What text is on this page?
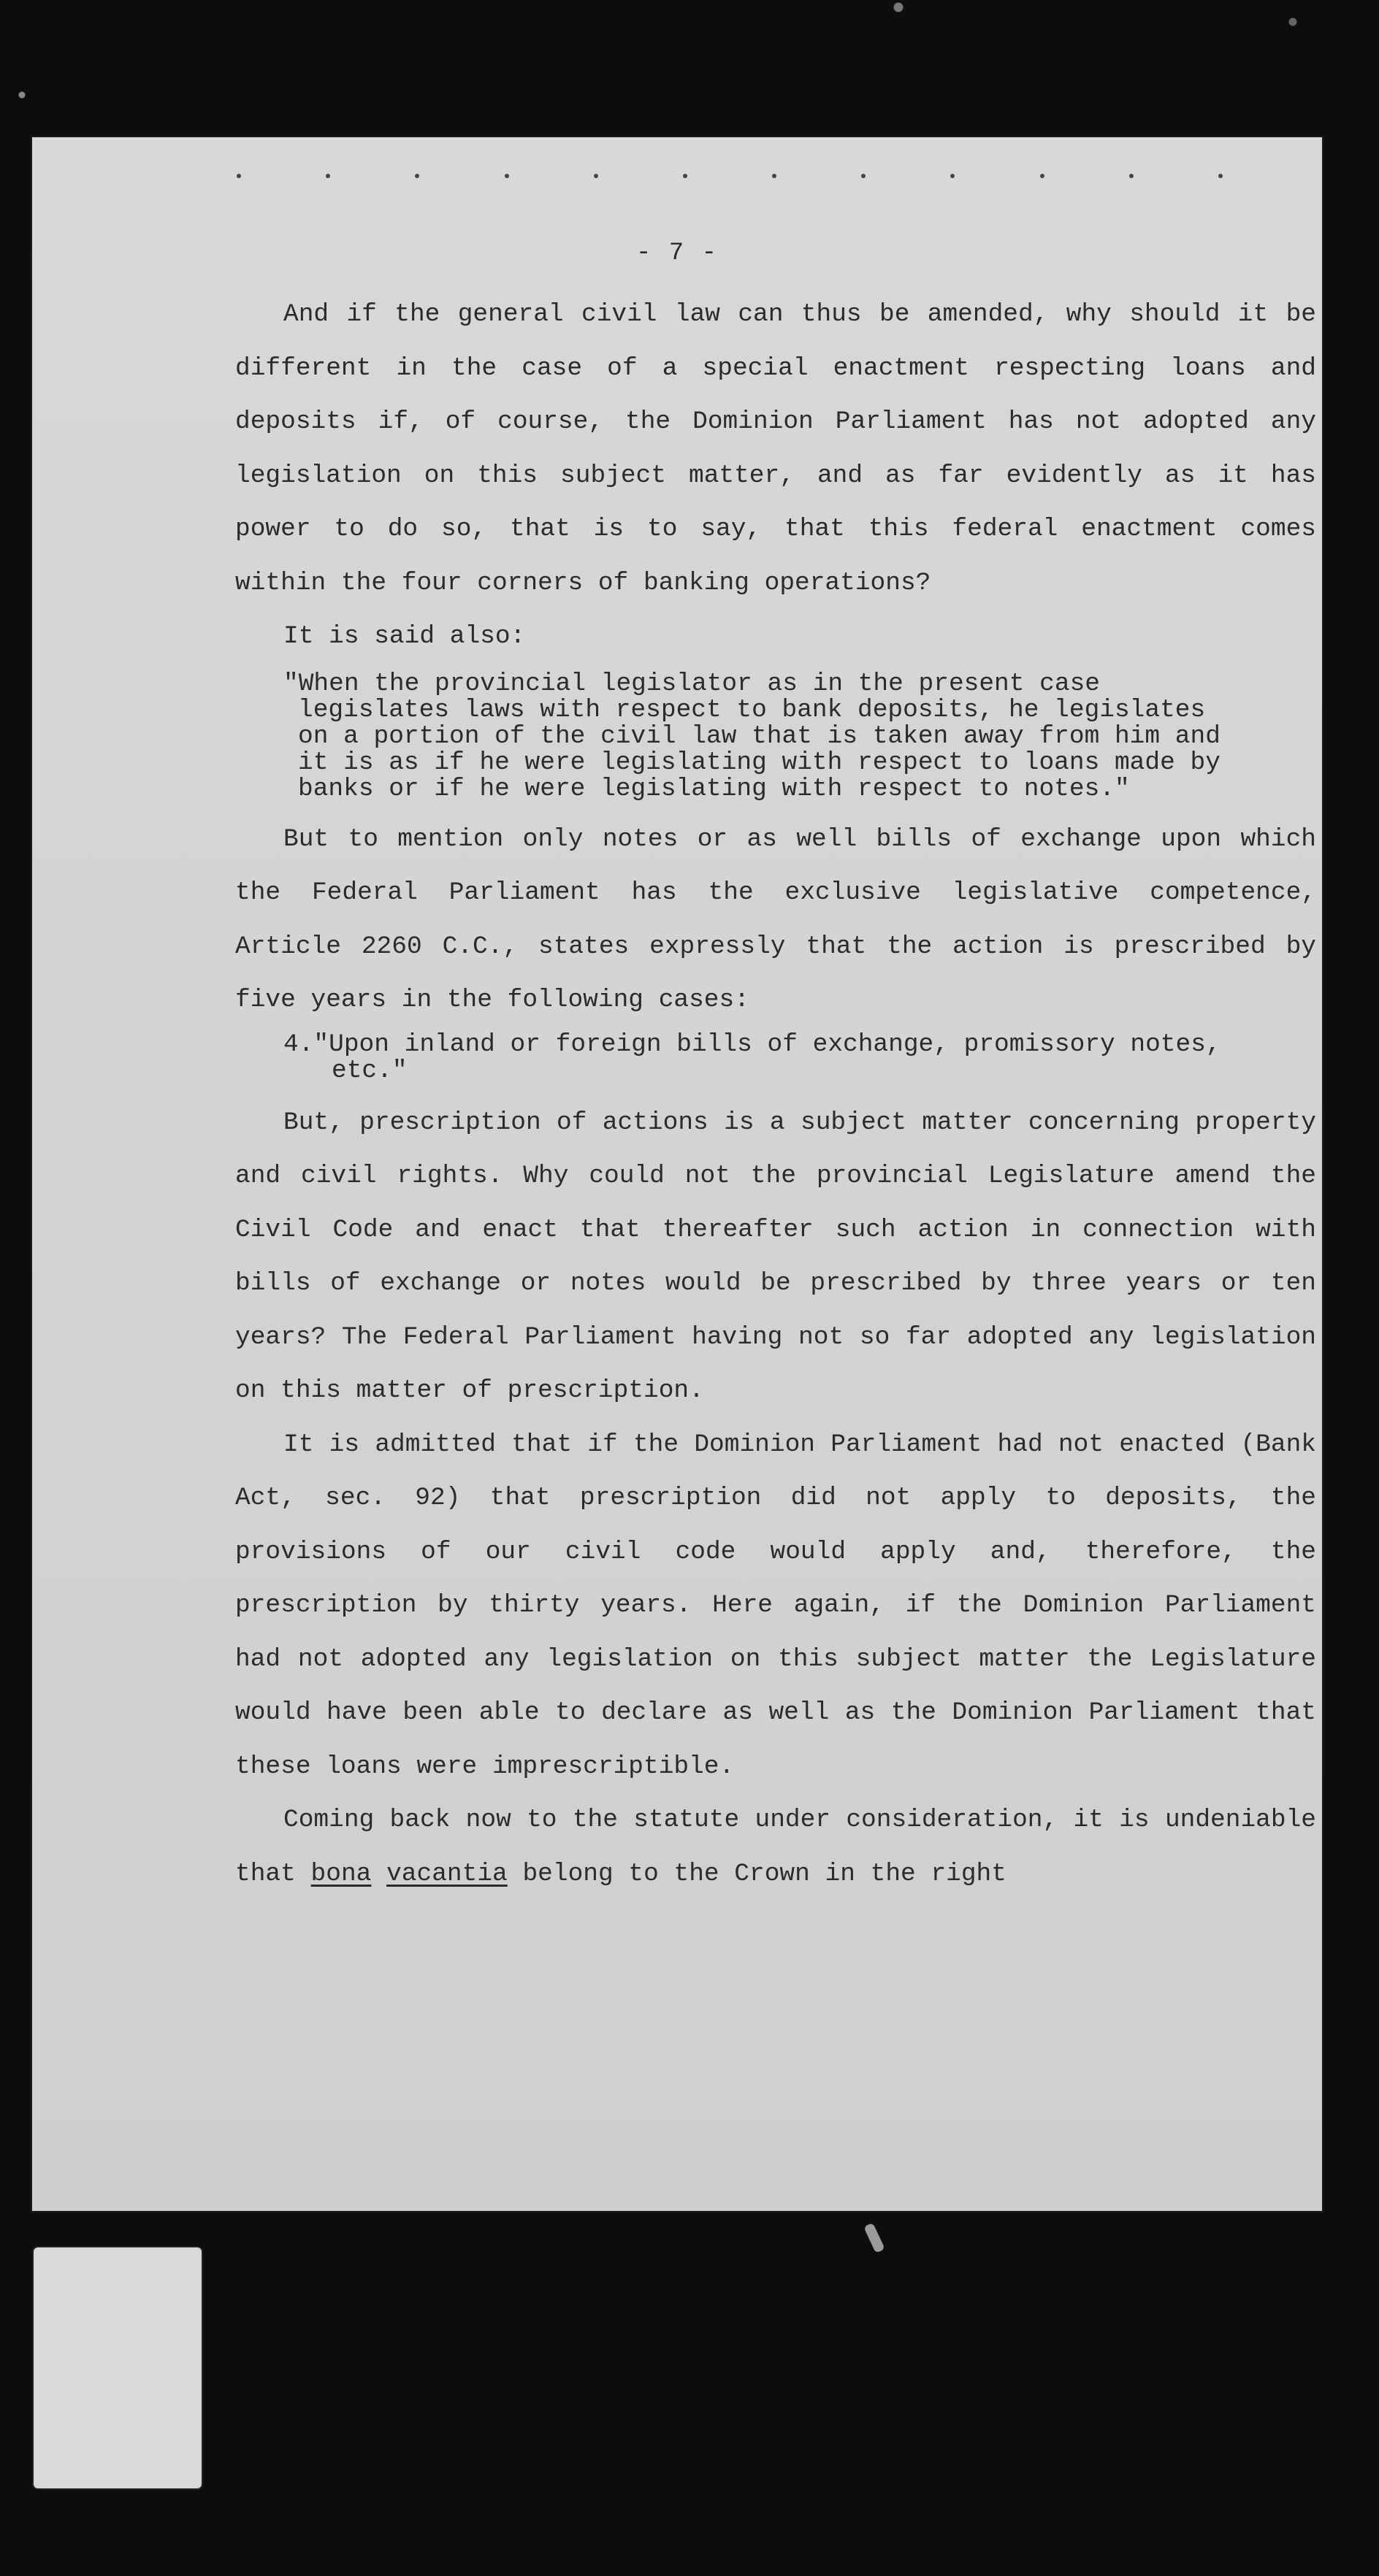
- 7 -

And if the general civil law can thus be amended, why should it be different in the case of a special enactment respecting loans and deposits if, of course, the Dominion Parliament has not adopted any legislation on this subject matter, and as far evidently as it has power to do so, that is to say, that this federal enactment comes within the four corners of banking operations?

It is said also:

"When the provincial legislator as in the present case legislates laws with respect to bank deposits, he legislates on a portion of the civil law that is taken away from him and it is as if he were legislating with respect to loans made by banks or if he were legislating with respect to notes."

But to mention only notes or as well bills of exchange upon which the Federal Parliament has the exclusive legislative competence, Article 2260 C.C., states expressly that the action is prescribed by five years in the following cases:

4."Upon inland or foreign bills of exchange, promissory notes, etc."

But, prescription of actions is a subject matter concerning property and civil rights. Why could not the provincial Legislature amend the Civil Code and enact that thereafter such action in connection with bills of exchange or notes would be prescribed by three years or ten years? The Federal Parliament having not so far adopted any legislation on this matter of prescription.

It is admitted that if the Dominion Parliament had not enacted (Bank Act, sec. 92) that prescription did not apply to deposits, the provisions of our civil code would apply and, therefore, the prescription by thirty years. Here again, if the Dominion Parliament had not adopted any legislation on this subject matter the Legislature would have been able to declare as well as the Dominion Parliament that these loans were imprescriptible.

Coming back now to the statute under consideration, it is undeniable that bona vacantia belong to the Crown in the right
